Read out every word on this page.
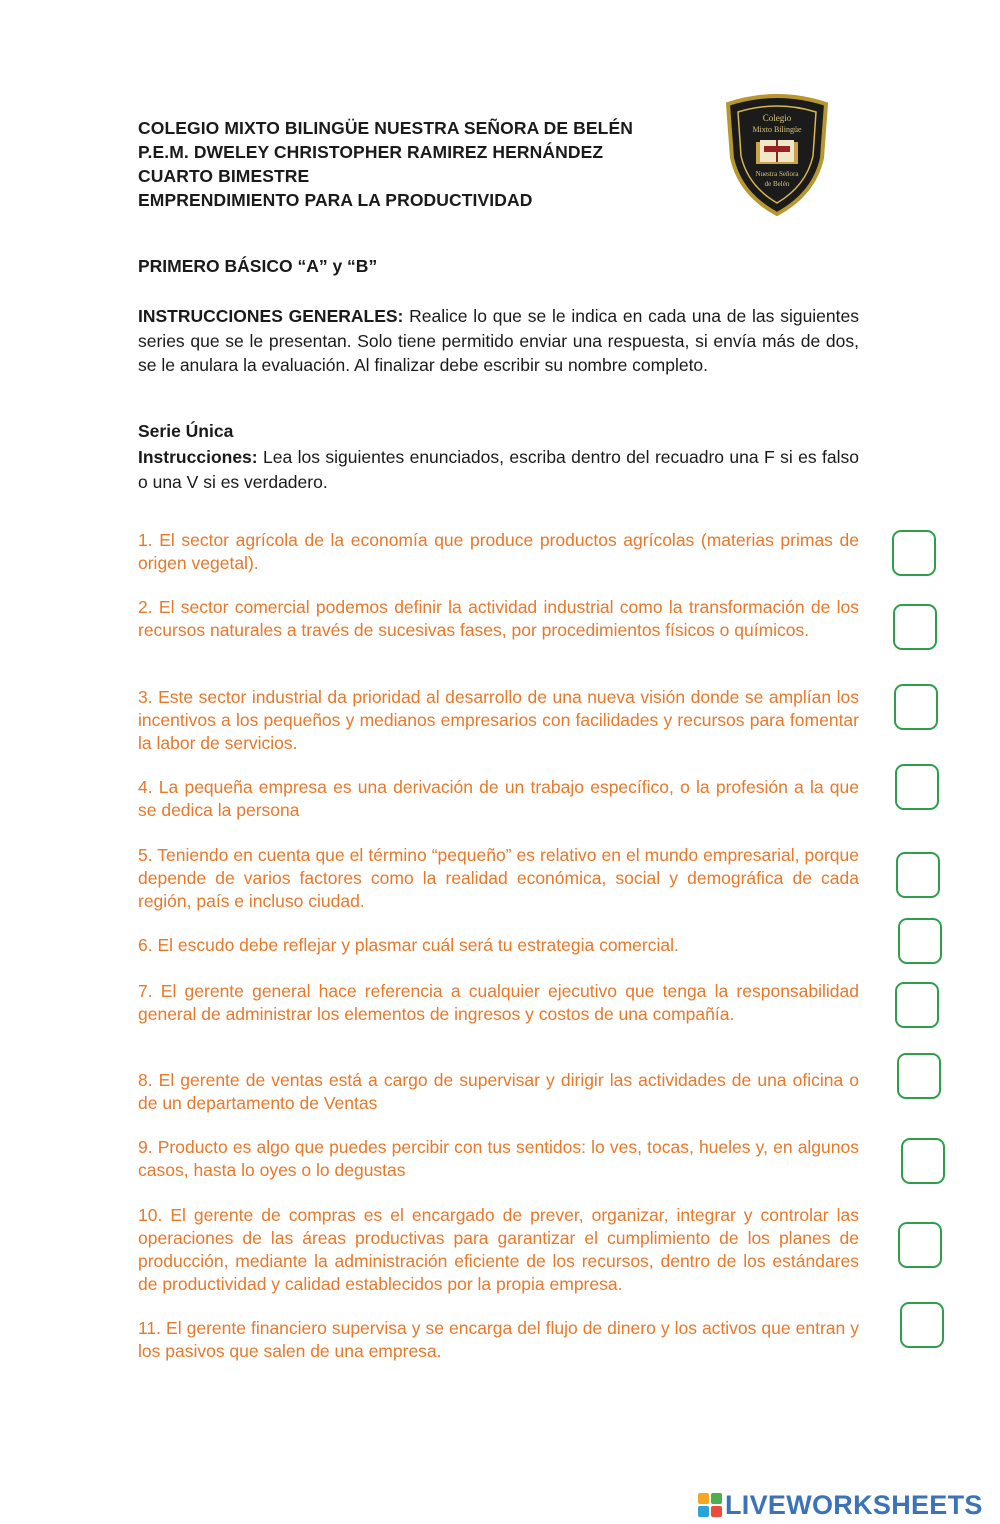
COLEGIO MIXTO BILINGÜE NUESTRA SEÑORA DE BELÉN
P.E.M. DWELEY CHRISTOPHER RAMIREZ HERNÁNDEZ
CUARTO BIMESTRE
EMPRENDIMIENTO PARA LA PRODUCTIVIDAD
Colegio
Mixto Bilingüe
Nuestra Señora
de Belén
PRIMERO BÁSICO “A” y “B”
INSTRUCCIONES GENERALES: Realice lo que se le indica en cada una de las siguientes series que se le presentan. Solo tiene permitido enviar una respuesta, si envía más de dos, se le anulara la evaluación. Al finalizar debe escribir su nombre completo.
Serie Única
Instrucciones: Lea los siguientes enunciados, escriba dentro del recuadro una F si es falso o una V si es verdadero.
1. El sector agrícola de la economía que produce productos agrícolas (materias primas de origen vegetal).
2. El sector comercial podemos definir la actividad industrial como la transformación de los recursos naturales a través de sucesivas fases, por procedimientos físicos o químicos.
3. Este sector industrial da prioridad al desarrollo de una nueva visión donde se amplían los incentivos a los pequeños y medianos empresarios con facilidades y recursos para fomentar la labor de servicios.
4. La pequeña empresa es una derivación de un trabajo específico, o la profesión a la que se dedica la persona
5. Teniendo en cuenta que el término “pequeño” es relativo en el mundo empresarial, porque depende de varios factores como la realidad económica, social y demográfica de cada región, país e incluso ciudad.
6. El escudo debe reflejar y plasmar cuál será tu estrategia comercial.
7. El gerente general hace referencia a cualquier ejecutivo que tenga la responsabilidad general de administrar los elementos de ingresos y costos de una compañía.
8. El gerente de ventas está a cargo de supervisar y dirigir las actividades de una oficina o de un departamento de Ventas
9. Producto es algo que puedes percibir con tus sentidos: lo ves, tocas, hueles y, en algunos casos, hasta lo oyes o lo degustas
10. El gerente de compras es el encargado de prever, organizar, integrar y controlar las operaciones de las áreas productivas para garantizar el cumplimiento de los planes de producción, mediante la administración eficiente de los recursos, dentro de los estándares de productividad y calidad establecidos por la propia empresa.
11. El gerente financiero supervisa y se encarga del flujo de dinero y los activos que entran y los pasivos que salen de una empresa.
LIVEWORKSHEETS
